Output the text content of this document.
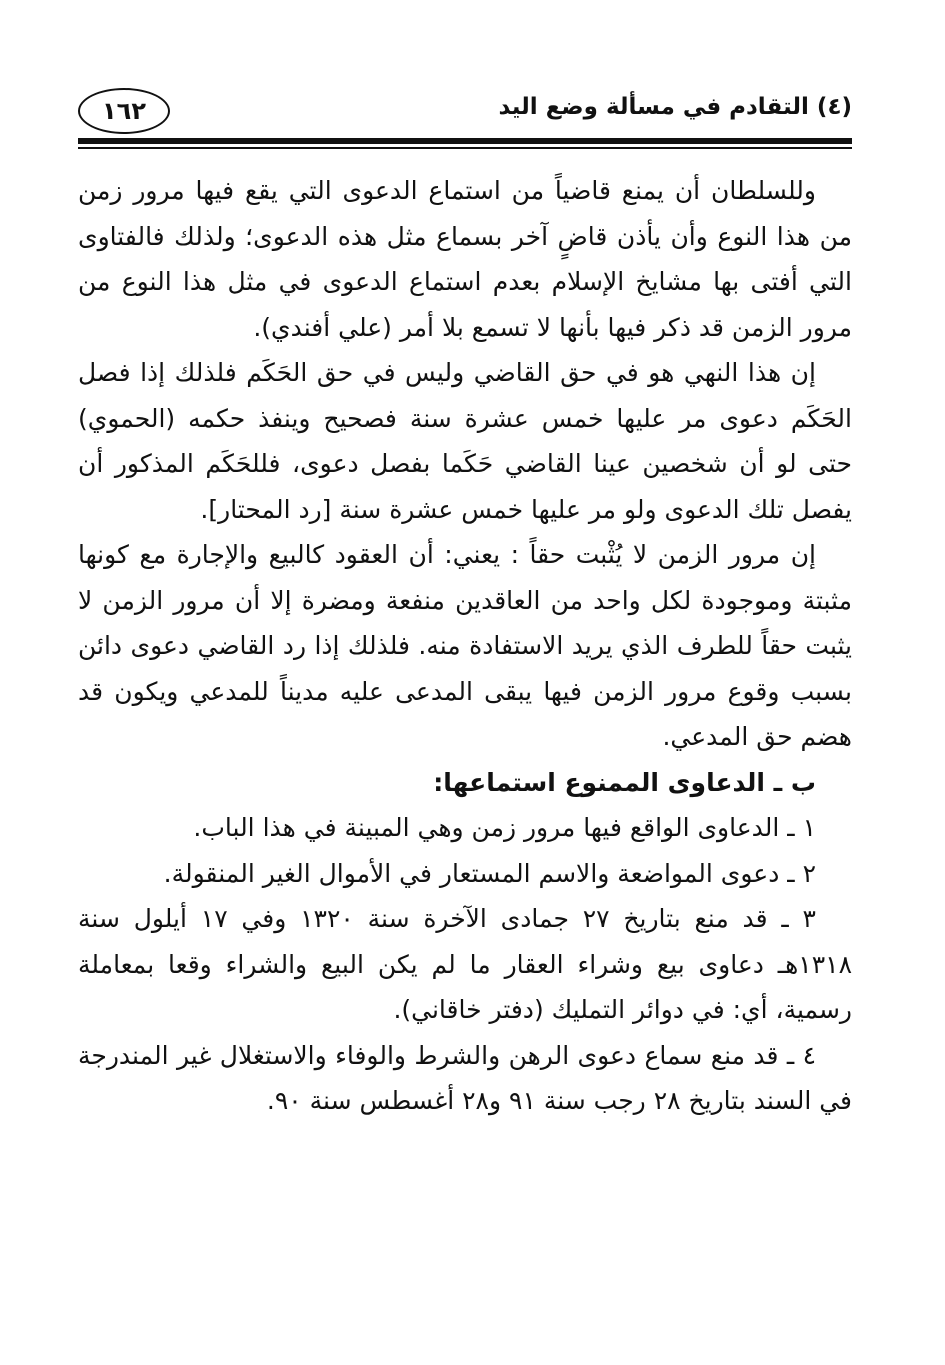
١٦٢	(٤) التقادم في مسألة وضع اليد

وللسلطان أن يمنع قاضياً من استماع الدعوى التي يقع فيها مرور زمن من هذا النوع وأن يأذن قاضٍ آخر بسماع مثل هذه الدعوى؛ ولذلك فالفتاوى التي أفتى بها مشايخ الإسلام بعدم استماع الدعوى في مثل هذا النوع من مرور الزمن قد ذكر فيها بأنها لا تسمع بلا أمر (علي أفندي).

إن هذا النهي هو في حق القاضي وليس في حق الحَكَم فلذلك إذا فصل الحَكَم دعوى مر عليها خمس عشرة سنة فصحيح وينفذ حكمه (الحموي) حتى لو أن شخصين عينا القاضي حَكَما بفصل دعوى، فللحَكَم المذكور أن يفصل تلك الدعوى ولو مر عليها خمس عشرة سنة [رد المحتار].

إن مرور الزمن لا يُثْبت حقاً : يعني: أن العقود كالبيع والإجارة مع كونها مثبتة وموجودة لكل واحد من العاقدين منفعة ومضرة إلا أن مرور الزمن لا يثبت حقاً للطرف الذي يريد الاستفادة منه. فلذلك إذا رد القاضي دعوى دائن بسبب وقوع مرور الزمن فيها يبقى المدعى عليه مديناً للمدعي ويكون قد هضم حق المدعي.

ب ـ الدعاوى الممنوع استماعها:

١ ـ الدعاوى الواقع فيها مرور زمن وهي المبينة في هذا الباب.

٢ ـ دعوى المواضعة والاسم المستعار في الأموال الغير المنقولة.

٣ ـ قد منع بتاريخ ٢٧ جمادى الآخرة سنة ١٣٢٠ وفي ١٧ أيلول سنة ١٣١٨هـ دعاوى بيع وشراء العقار ما لم يكن البيع والشراء وقعا بمعاملة رسمية، أي: في دوائر التمليك (دفتر خاقاني).

٤ ـ قد منع سماع دعوى الرهن والشرط والوفاء والاستغلال غير المندرجة في السند بتاريخ ٢٨ رجب سنة ٩١ و٢٨ أغسطس سنة ٩٠.
